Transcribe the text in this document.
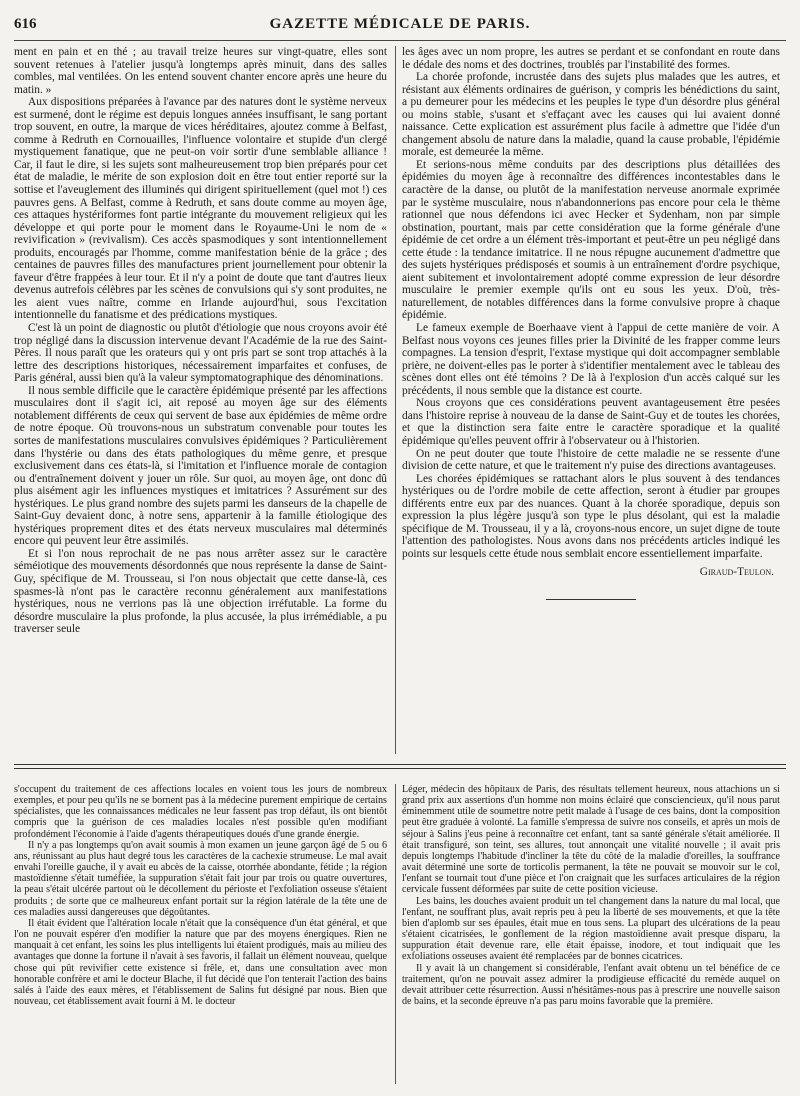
616	GAZETTE MÉDICALE DE PARIS.

ment en pain et en thé ; au travail treize heures sur vingt-quatre, elles sont souvent retenues à l'atelier jusqu'à longtemps après minuit, dans des salles combles, mal ventilées. On les entend souvent chanter encore après une heure du matin. »

Aux dispositions préparées à l'avance par des natures dont le système nerveux est surmené, dont le régime est depuis longues années insuffisant, le sang portant trop souvent, en outre, la marque de vices héréditaires, ajoutez comme à Belfast, comme à Redruth en Cornouailles, l'influence volontaire et stupide d'un clergé mystiquement fanatique, que ne peut-on voir sortir d'une semblable alliance ! Car, il faut le dire, si les sujets sont malheureusement trop bien préparés pour cet état de maladie, le mérite de son explosion doit en être tout entier reporté sur la sottise et l'aveuglement des illuminés qui dirigent spirituellement (quel mot !) ces pauvres gens. A Belfast, comme à Redruth, et sans doute comme au moyen âge, ces attaques hystériformes font partie intégrante du mouvement religieux qui les développe et qui porte pour le moment dans le Royaume-Uni le nom de « revivification » (revivalism). Ces accès spasmodiques y sont intentionnellement produits, encouragés par l'homme, comme manifestation bénie de la grâce ; des centaines de pauvres filles des manufactures prient journellement pour obtenir la faveur d'être frappées à leur tour. Et il n'y a point de doute que tant d'autres lieux devenus autrefois célèbres par les scènes de convulsions qui s'y sont produites, ne les aient vues naître, comme en Irlande aujourd'hui, sous l'excitation intentionnelle du fanatisme et des prédications mystiques.

C'est là un point de diagnostic ou plutôt d'étiologie que nous croyons avoir été trop négligé dans la discussion intervenue devant l'Académie de la rue des Saint-Pères. Il nous paraît que les orateurs qui y ont pris part se sont trop attachés à la lettre des descriptions historiques, nécessairement imparfaites et confuses, de Paris général, aussi bien qu'à la valeur symptomatographique des dénominations.

Il nous semble difficile que le caractère épidémique présenté par les affections musculaires dont il s'agit ici, ait reposé au moyen âge sur des éléments notablement différents de ceux qui servent de base aux épidémies de même ordre de notre époque. Où trouvons-nous un substratum convenable pour toutes les sortes de manifestations musculaires convulsives épidémiques ? Particulièrement dans l'hystérie ou dans des états pathologiques du même genre, et presque exclusivement dans ces états-là, si l'imitation et l'influence morale de contagion ou d'entraînement doivent y jouer un rôle. Sur quoi, au moyen âge, ont donc dû plus aisément agir les influences mystiques et imitatrices ? Assurément sur des hystériques. Le plus grand nombre des sujets parmi les danseurs de la chapelle de Saint-Guy devaient donc, à notre sens, appartenir à la famille étiologique des hystériques proprement dites et des états nerveux musculaires mal déterminés encore qui peuvent leur être assimilés.

Et si l'on nous reprochait de ne pas nous arrêter assez sur le caractère séméiotique des mouvements désordonnés que nous représente la danse de Saint-Guy, spécifique de M. Trousseau, si l'on nous objectait que cette danse-là, ces spasmes-là n'ont pas le caractère reconnu généralement aux manifestations hystériques, nous ne verrions pas là une objection irréfutable. La forme du désordre musculaire la plus profonde, la plus accusée, la plus irrémédiable, a pu traverser seule

les âges avec un nom propre, les autres se perdant et se confondant en route dans le dédale des noms et des doctrines, troublés par l'instabilité des formes.

La chorée profonde, incrustée dans des sujets plus malades que les autres, et résistant aux éléments ordinaires de guérison, y compris les bénédictions du saint, a pu demeurer pour les médecins et les peuples le type d'un désordre plus général ou moins stable, s'usant et s'effaçant avec les causes qui lui avaient donné naissance. Cette explication est assurément plus facile à admettre que l'idée d'un changement absolu de nature dans la maladie, quand la cause probable, l'épidémie morale, est demeurée la même.

Et serions-nous même conduits par des descriptions plus détaillées des épidémies du moyen âge à reconnaître des différences incontestables dans le caractère de la danse, ou plutôt de la manifestation nerveuse anormale exprimée par le système musculaire, nous n'abandonnerions pas encore pour cela le thème rationnel que nous défendons ici avec Hecker et Sydenham, non par simple obstination, pourtant, mais par cette considération que la forme générale d'une épidémie de cet ordre a un élément très-important et peut-être un peu négligé dans cette étude : la tendance imitatrice. Il ne nous répugne aucunement d'admettre que des sujets hystériques prédisposés et soumis à un entraînement d'ordre psychique, aient subitement et involontairement adopté comme expression de leur désordre musculaire le premier exemple qu'ils ont eu sous les yeux. D'où, très-naturellement, de notables différences dans la forme convulsive propre à chaque épidémie.

Le fameux exemple de Boerhaave vient à l'appui de cette manière de voir. A Belfast nous voyons ces jeunes filles prier la Divinité de les frapper comme leurs compagnes. La tension d'esprit, l'extase mystique qui doit accompagner semblable prière, ne doivent-elles pas le porter à s'identifier mentalement avec le tableau des scènes dont elles ont été témoins ? De là à l'explosion d'un accès calqué sur les précédents, il nous semble que la distance est courte.

Nous croyons que ces considérations peuvent avantageusement être pesées dans l'histoire reprise à nouveau de la danse de Saint-Guy et de toutes les chorées, et que la distinction sera faite entre le caractère sporadique et la qualité épidémique qu'elles peuvent offrir à l'observateur ou à l'historien.

On ne peut douter que toute l'histoire de cette maladie ne se ressente d'une division de cette nature, et que le traitement n'y puise des directions avantageuses.

Les chorées épidémiques se rattachant alors le plus souvent à des tendances hystériques ou de l'ordre mobile de cette affection, seront à étudier par groupes différents entre eux par des nuances. Quant à la chorée sporadique, depuis son expression la plus légère jusqu'à son type le plus désolant, qui est la maladie spécifique de M. Trousseau, il y a là, croyons-nous encore, un sujet digne de toute l'attention des pathologistes. Nous avons dans nos précédents articles indiqué les points sur lesquels cette étude nous semblait encore essentiellement imparfaite.

Giraud-Teulon.

s'occupent du traitement de ces affections locales en voient tous les jours de nombreux exemples, et pour peu qu'ils ne se bornent pas à la médecine purement empirique de certains spécialistes, que les connaissances médicales ne leur fassent pas trop défaut, ils ont bientôt compris que la guérison de ces maladies locales n'est possible qu'en modifiant profondément l'économie à l'aide d'agents thérapeutiques doués d'une grande énergie.

Il n'y a pas longtemps qu'on avait soumis à mon examen un jeune garçon âgé de 5 ou 6 ans, réunissant au plus haut degré tous les caractères de la cachexie strumeuse. Le mal avait envahi l'oreille gauche, il y avait eu abcès de la caisse, otorrhée abondante, fétide ; la région mastoïdienne s'était tuméfiée, la suppuration s'était fait jour par trois ou quatre ouvertures, la peau s'était ulcérée partout où le décollement du périoste et l'exfoliation osseuse s'étaient produits ; de sorte que ce malheureux enfant portait sur la région latérale de la tête une de ces maladies aussi dangereuses que dégoûtantes.

Il était évident que l'altération locale n'était que la conséquence d'un état général, et que l'on ne pouvait espérer d'en modifier la nature que par des moyens énergiques. Rien ne manquait à cet enfant, les soins les plus intelligents lui étaient prodigués, mais au milieu des avantages que donne la fortune il n'avait à ses favoris, il fallait un élément nouveau, quelque chose qui pût revivifier cette existence si frêle, et, dans une consultation avec mon honorable confrère et ami le docteur Blache, il fut décidé que l'on tenterait l'action des bains salés à l'aide des eaux mères, et l'établissement de Salins fut désigné par nous. Bien que nouveau, cet établissement avait fourni à M. le docteur

Léger, médecin des hôpitaux de Paris, des résultats tellement heureux, nous attachions un si grand prix aux assertions d'un homme non moins éclairé que consciencieux, qu'il nous parut éminemment utile de soumettre notre petit malade à l'usage de ces bains, dont la composition peut être graduée à volonté. La famille s'empressa de suivre nos conseils, et après un mois de séjour à Salins j'eus peine à reconnaître cet enfant, tant sa santé générale s'était améliorée. Il était transfiguré, son teint, ses allures, tout annonçait une vitalité nouvelle ; il avait pris depuis longtemps l'habitude d'incliner la tête du côté de la maladie d'oreilles, la souffrance avait déterminé une sorte de torticolis permanent, la tête ne pouvait se mouvoir sur le col, l'enfant se tournait tout d'une pièce et l'on craignait que les surfaces articulaires de la région cervicale fussent déformées par suite de cette position vicieuse.

Les bains, les douches avaient produit un tel changement dans la nature du mal local, que l'enfant, ne souffrant plus, avait repris peu à peu la liberté de ses mouvements, et que la tête bien d'aplomb sur ses épaules, était mue en tous sens. La plupart des ulcérations de la peau s'étaient cicatrisées, le gonflement de la région mastoïdienne avait presque disparu, la suppuration était devenue rare, elle était épaisse, inodore, et tout indiquait que les exfoliations osseuses avaient été remplacées par de bonnes cicatrices.

Il y avait là un changement si considérable, l'enfant avait obtenu un tel bénéfice de ce traitement, qu'on ne pouvait assez admirer la prodigieuse efficacité du remède auquel on devait attribuer cette résurrection. Aussi n'hésitâmes-nous pas à prescrire une nouvelle saison de bains, et la seconde épreuve n'a pas paru moins favorable que la première.
